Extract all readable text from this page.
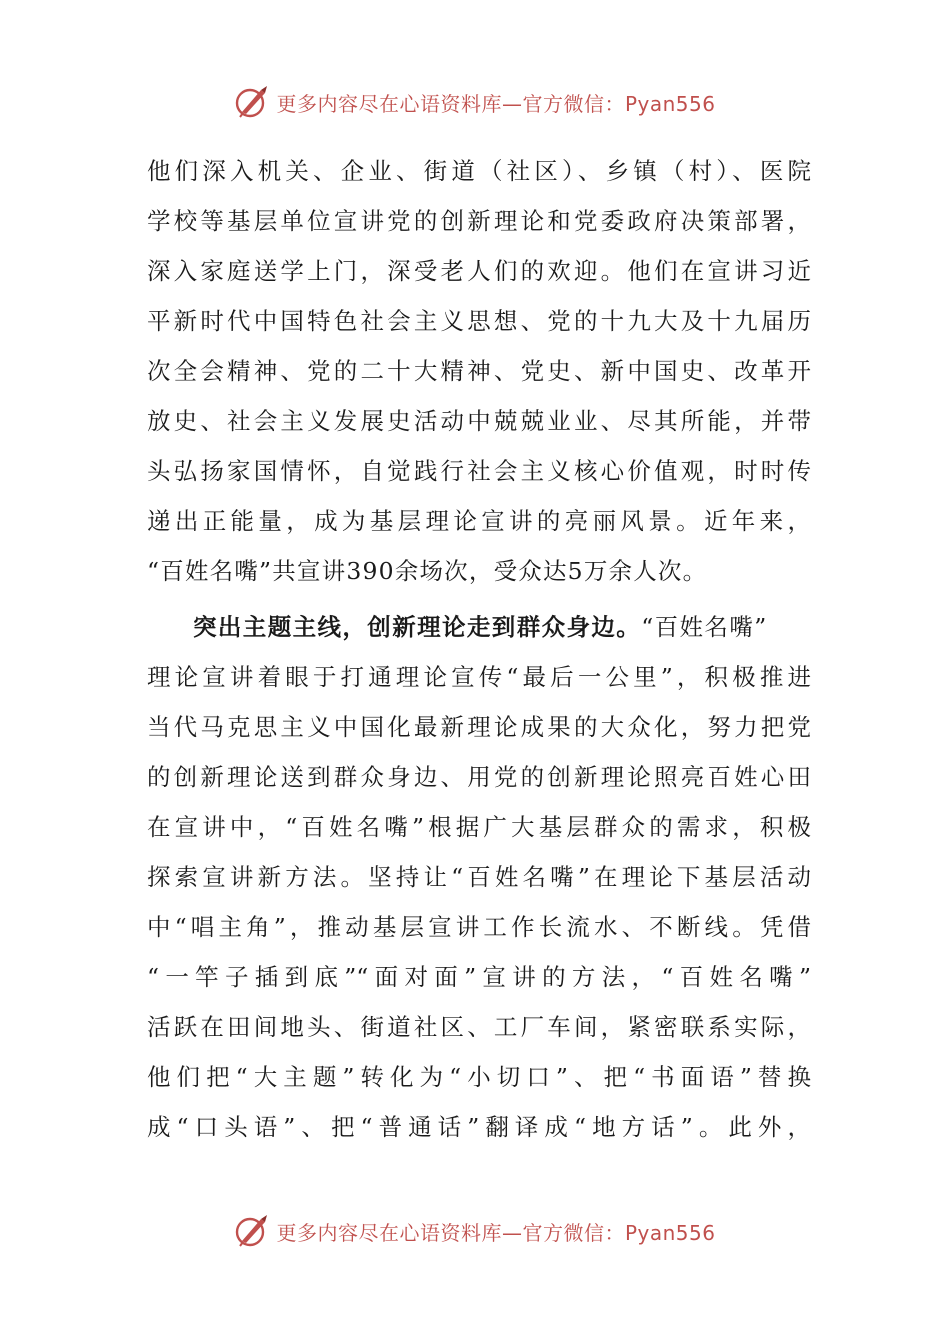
更多内容尽在心语资料库—官方微信：Pyan556
他们深入机关、企业、街道（社区）、乡镇（村）、医院
学校等基层单位宣讲党的创新理论和党委政府决策部署，
深入家庭送学上门，深受老人们的欢迎。他们在宣讲习近
平新时代中国特色社会主义思想、党的十九大及十九届历
次全会精神、党的二十大精神、党史、新中国史、改革开
放史、社会主义发展史活动中兢兢业业、尽其所能，并带
头弘扬家国情怀，自觉践行社会主义核心价值观，时时传
递出正能量，成为基层理论宣讲的亮丽风景。近年来，
“百姓名嘴”共宣讲390余场次，受众达5万余人次。
突出主题主线，创新理论走到群众身边。“百姓名嘴”
理论宣讲着眼于打通理论宣传“最后一公里”，积极推进
当代马克思主义中国化最新理论成果的大众化，努力把党
的创新理论送到群众身边、用党的创新理论照亮百姓心田
在宣讲中，“百姓名嘴”根据广大基层群众的需求，积极
探索宣讲新方法。坚持让“百姓名嘴”在理论下基层活动
中“唱主角”，推动基层宣讲工作长流水、不断线。凭借
“一竿子插到底”“面对面”宣讲的方法，“百姓名嘴”
活跃在田间地头、街道社区、工厂车间，紧密联系实际，
他们把“大主题”转化为“小切口”、把“书面语”替换
成“口头语”、把“普通话”翻译成“地方话”。此外，
更多内容尽在心语资料库—官方微信：Pyan556
